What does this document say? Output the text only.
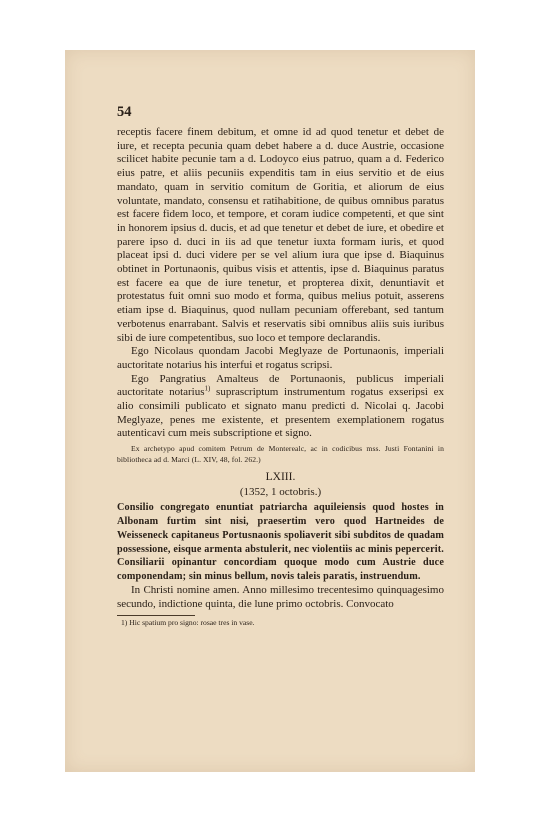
54

receptis facere finem debitum, et omne id ad quod tenetur et debet de iure, et recepta pecunia quam debet habere a d. duce Austrie, occasione scilicet habite pecunie tam a d. Lodoyco eius patruo, quam a d. Federico eius patre, et aliis pecuniis expenditis tam in eius servitio et de eius mandato, quam in servitio comitum de Goritia, et aliorum de eius voluntate, mandato, consensu et ratihabitione, de quibus omnibus paratus est facere fidem loco, et tempore, et coram iudice competenti, et que sint in honorem ipsius d. ducis, et ad que tenetur et debet de iure, et obedire et parere ipso d. duci in iis ad que tenetur iuxta formam iuris, et quod placeat ipsi d. duci videre per se vel alium iura que ipse d. Biaquinus obtinet in Portunaonis, quibus visis et attentis, ipse d. Biaquinus paratus est facere ea que de iure tenetur, et propterea dixit, denuntiavit et protestatus fuit omni suo modo et forma, quibus melius potuit, asserens etiam ipse d. Biaquinus, quod nullam pecuniam offerebant, sed tantum verbotenus enarrabant. Salvis et reservatis sibi omnibus aliis suis iuribus sibi de iure competentibus, suo loco et tempore declarandis.

Ego Nicolaus quondam Jacobi Meglyaze de Portunaonis, imperiali auctoritate notarius his interfui et rogatus scripsi.

Ego Pangratius Amalteus de Portunaonis, publicus imperiali auctoritate notarius$^{1)}$ suprascriptum instrumentum rogatus exseripsi ex alio consimili publicato et signato manu predicti d. Nicolai q. Jacobi Meglyaze, penes me existente, et presentem exemplationem rogatus autenticavi cum meis subscriptione et signo.

Ex archetypo apud comitem Petrum de Monterealc, ac in codicibus mss. Justi Fontanini in bibliotheca ad d. Marci (L. XIV, 48, fol. 262.)

LXIII.

(1352, 1 octobris.)

Consilio congregato enuntiat patriarcha aquileiensis quod hostes in Albonam furtim sint nisi, praesertim vero quod Hartneides de Weisseneck capitaneus Portusnaonis spoliaverit sibi subditos de quadam possessione, eisque armenta abstulerit, nec violentiis ac minis pepercerit. Consiliarii opinantur concordiam quoque modo cum Austrie duce componendam; sin minus bellum, novis taleis paratis, instruendum.

In Christi nomine amen. Anno millesimo trecentesimo quinquagesimo secundo, indictione quinta, die lune primo octobris. Convocato

1) Hic spatium pro signo: rosae tres in vase.
